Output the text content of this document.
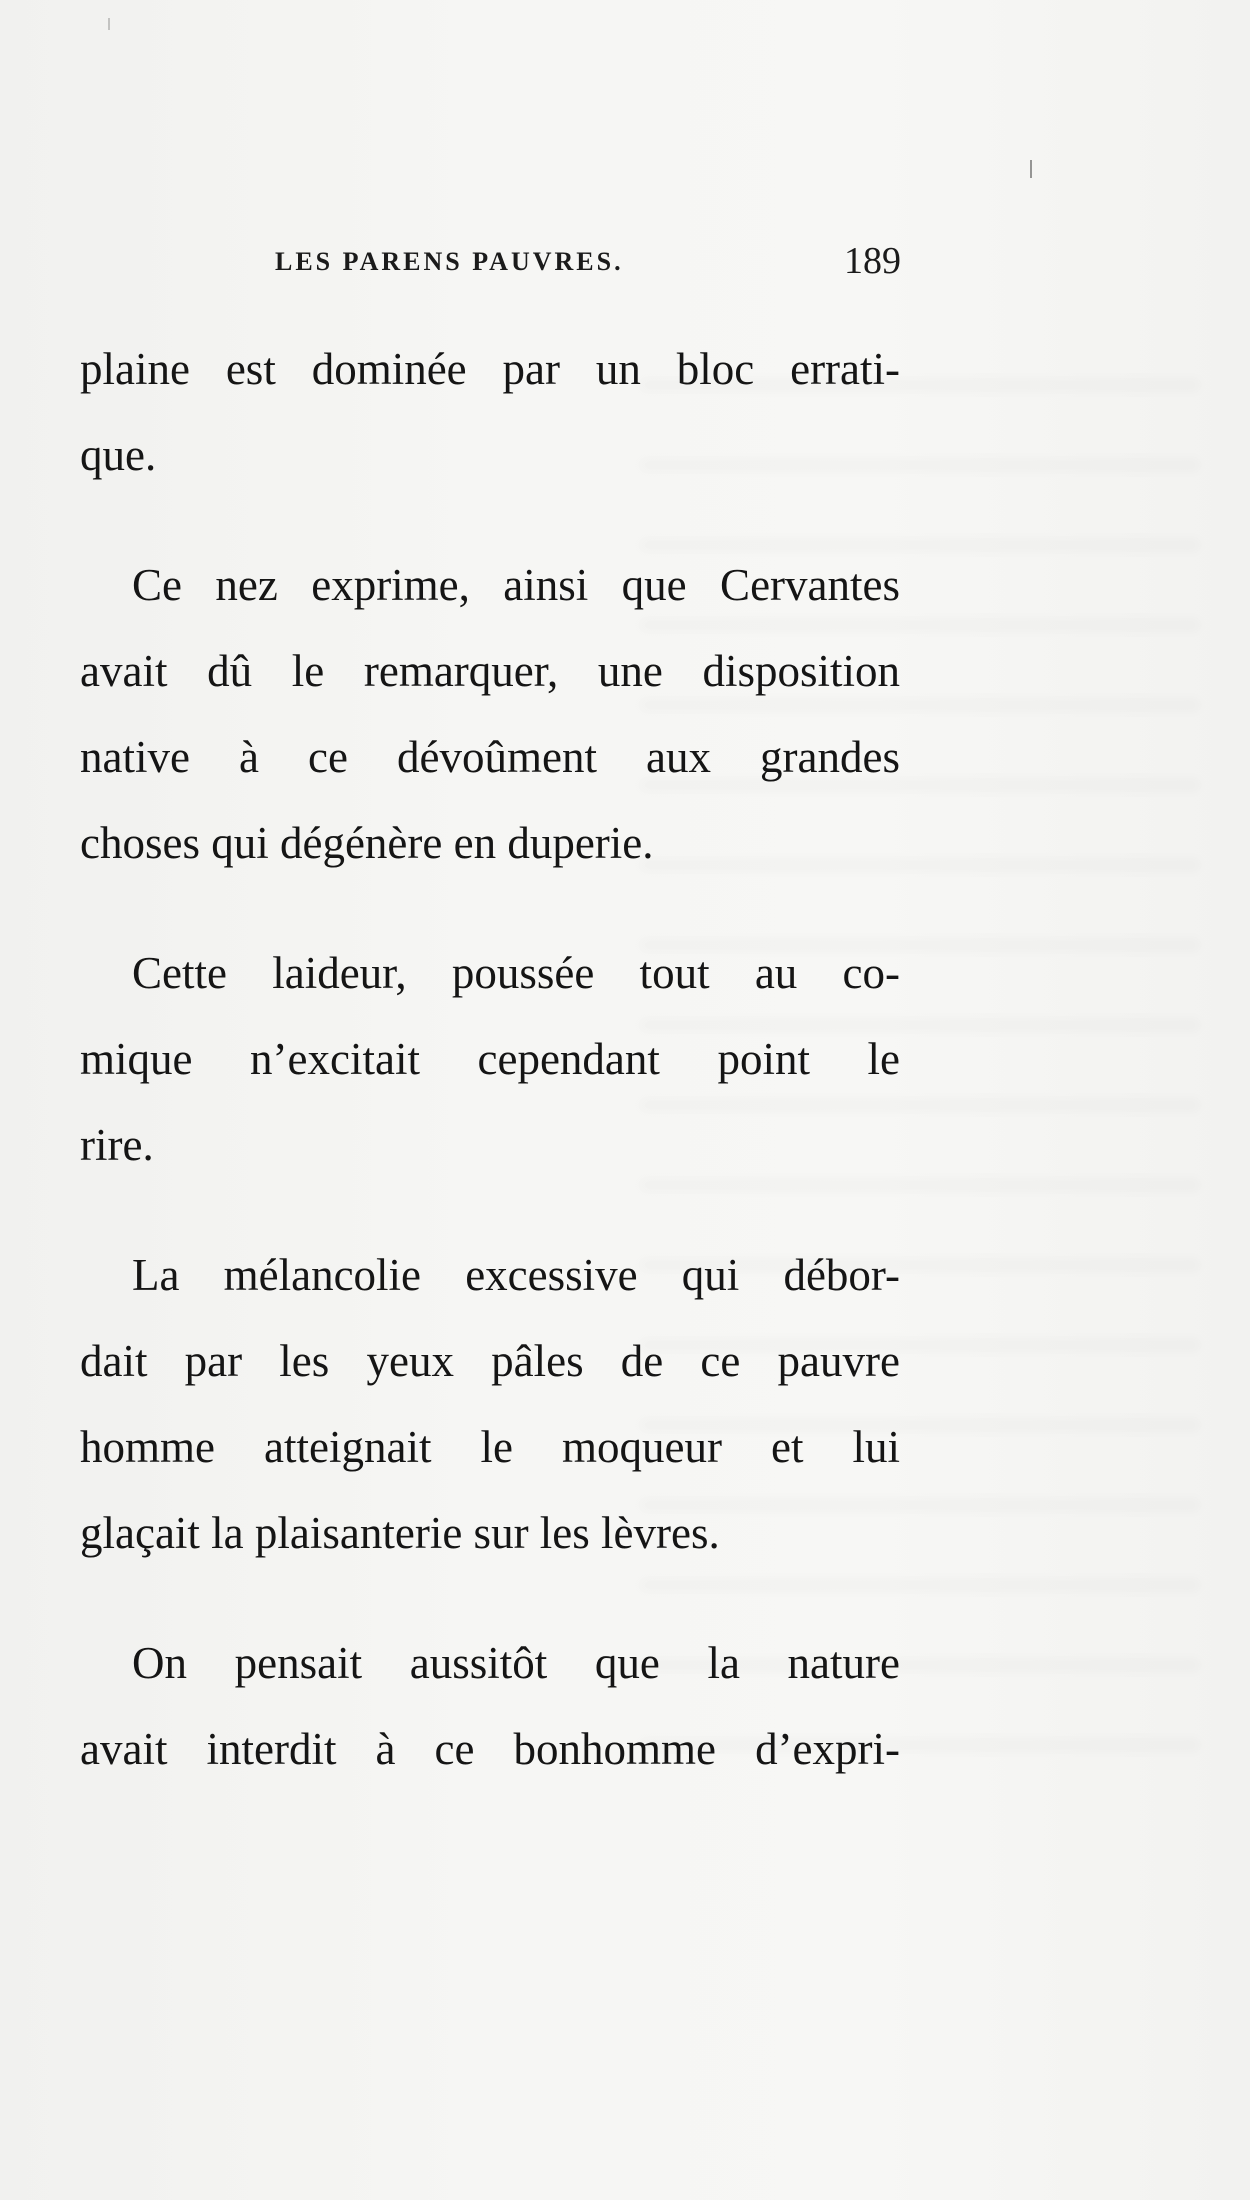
LES PARENS PAUVRES.	189
plaine est dominée par un bloc errati-
que.
Ce nez exprime, ainsi que Cervantes
avait dû le remarquer, une disposition
native à ce dévoûment aux grandes
choses qui dégénère en duperie.
Cette laideur, poussée tout au co-
mique n’excitait cependant point le
rire.
La mélancolie excessive qui débor-
dait par les yeux pâles de ce pauvre
homme atteignait le moqueur et lui
glaçait la plaisanterie sur les lèvres.
On pensait aussitôt que la nature
avait interdit à ce bonhomme d’expri-
